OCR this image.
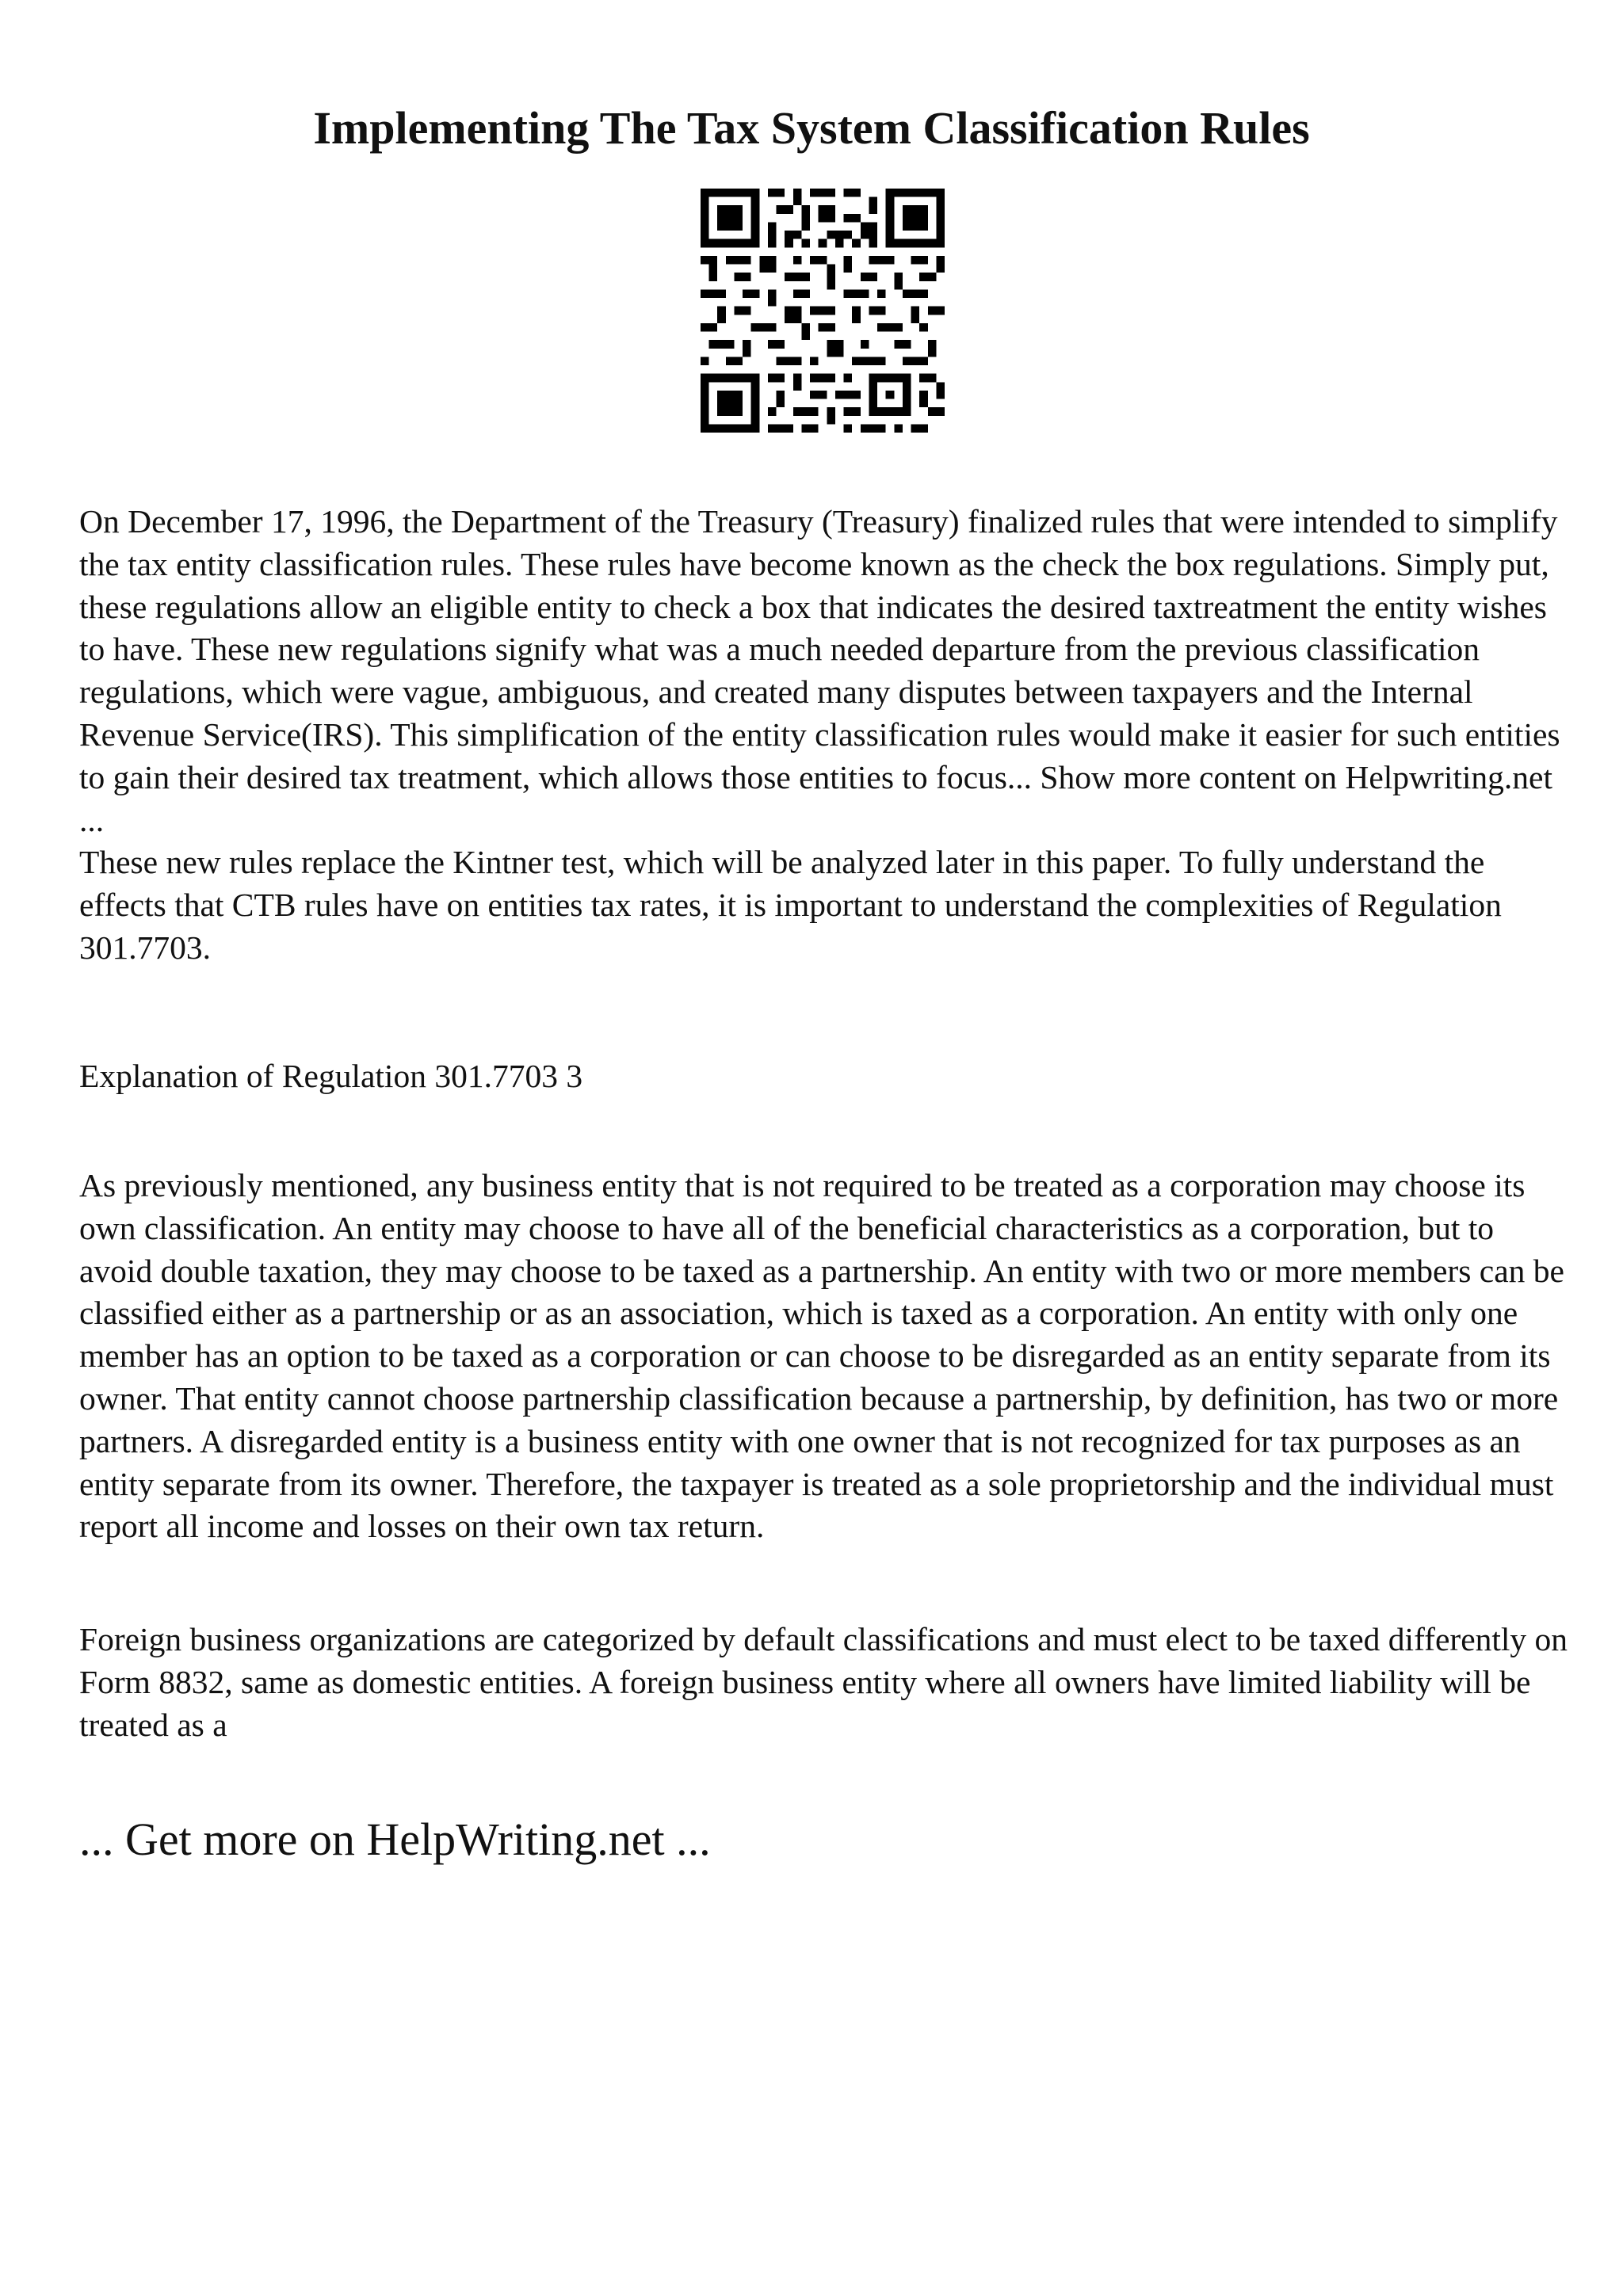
Implementing The Tax System Classification Rules

On December 17, 1996, the Department of the Treasury (Treasury) finalized rules that were intended to simplify the tax entity classification rules. These rules have become known as the check the box regulations. Simply put, these regulations allow an eligible entity to check a box that indicates the desired taxtreatment the entity wishes to have. These new regulations signify what was a much needed departure from the previous classification regulations, which were vague, ambiguous, and created many disputes between taxpayers and the Internal Revenue Service(IRS). This simplification of the entity classification rules would make it easier for such entities to gain their desired tax treatment, which allows those entities to focus... Show more content on Helpwriting.net ...
These new rules replace the Kintner test, which will be analyzed later in this paper. To fully understand the effects that CTB rules have on entities tax rates, it is important to understand the complexities of Regulation 301.7703.

Explanation of Regulation 301.7703 3

As previously mentioned, any business entity that is not required to be treated as a corporation may choose its own classification. An entity may choose to have all of the beneficial characteristics as a corporation, but to avoid double taxation, they may choose to be taxed as a partnership. An entity with two or more members can be classified either as a partnership or as an association, which is taxed as a corporation. An entity with only one member has an option to be taxed as a corporation or can choose to be disregarded as an entity separate from its owner. That entity cannot choose partnership classification because a partnership, by definition, has two or more partners. A disregarded entity is a business entity with one owner that is not recognized for tax purposes as an entity separate from its owner. Therefore, the taxpayer is treated as a sole proprietorship and the individual must report all income and losses on their own tax return.

Foreign business organizations are categorized by default classifications and must elect to be taxed differently on Form 8832, same as domestic entities. A foreign business entity where all owners have limited liability will be treated as a

... Get more on HelpWriting.net ...
